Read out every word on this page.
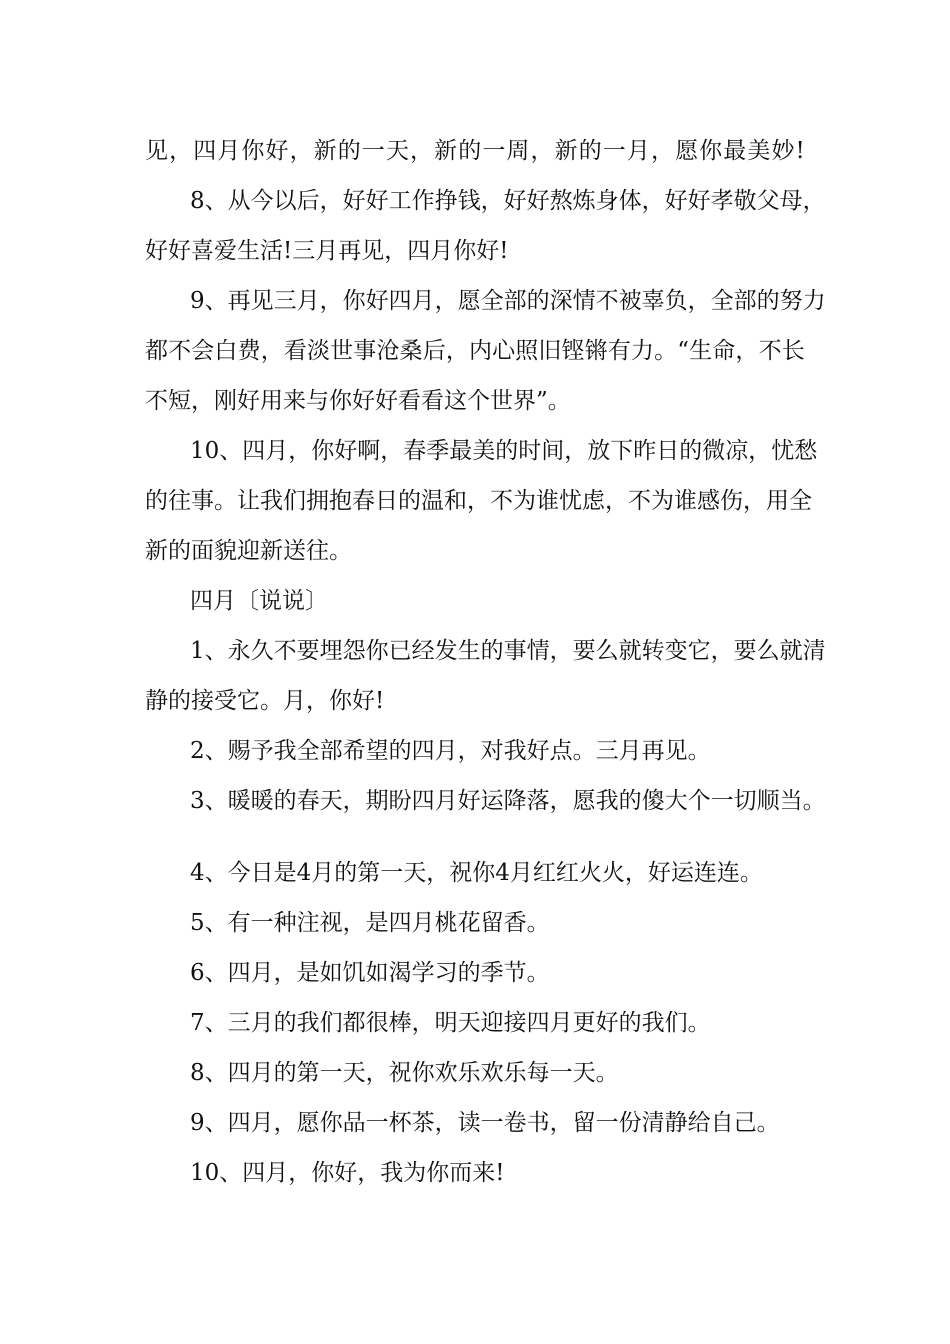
见 ， 四 月 你 好 ， 新 的 一 天 ， 新 的 一 周 ， 新 的 一 月 ， 愿 你 最 美 妙 !
8 、 从 今 以 后 ， 好 好 工 作 挣 钱 ， 好 好 熬 炼 身 体 ， 好 好 孝 敬 父 母 ，
好好喜爱生活!三月再见，四月你好!
9 、 再 见 三 月 ， 你 好 四 月 ， 愿 全 部 的 深 情 不 被 辜 负 ， 全 部 的 努 力
都 不 会 白 费 ， 看 淡 世 事 沧 桑 后 ， 内 心 照 旧 铿 锵 有 力 。 “ 生 命 ， 不 长
不短，刚好用来与你好好看看这个世界”。
1 0 、 四 月 ， 你 好 啊 ， 春 季 最 美 的 时 间 ， 放 下 昨 日 的 微 凉 ， 忧 愁
的 往 事 。 让 我 们 拥 抱 春 日 的 温 和 ， 不 为 谁 忧 虑 ， 不 为 谁 感 伤 ， 用 全
新的面貌迎新送往。
四月〔说说〕
1 、 永 久 不 要 埋 怨 你 已 经 发 生 的 事 情 ， 要 么 就 转 变 它 ， 要 么 就 清
静的接受它。月，你好!
2、赐予我全部希望的四月，对我好点。三月再见。
3、暖暖的春天，期盼四月好运降落，愿我的傻大个一切顺当。
4、今日是4月的第一天，祝你4月红红火火，好运连连。
5、有一种注视，是四月桃花留香。
6、四月，是如饥如渴学习的季节。
7、三月的我们都很棒，明天迎接四月更好的我们。
8、四月的第一天，祝你欢乐欢乐每一天。
9、四月，愿你品一杯茶，读一卷书，留一份清静给自己。
10、四月，你好，我为你而来!
